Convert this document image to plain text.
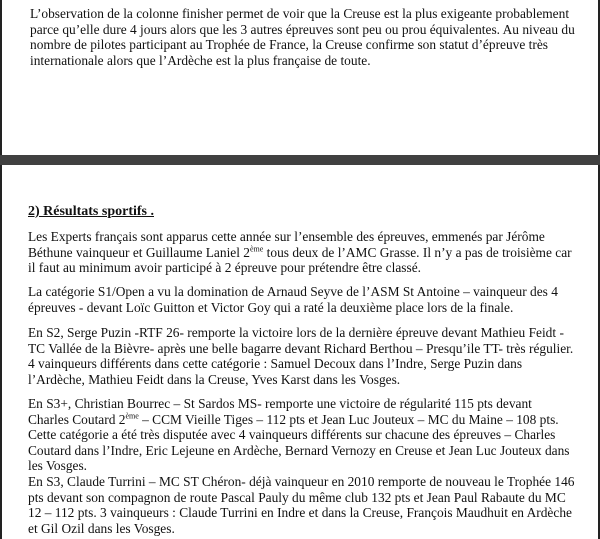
L’observation de la colonne finisher permet de voir que la Creuse est la plus exigeante probablement parce qu’elle dure 4 jours alors que les 3 autres épreuves sont peu ou prou équivalentes. Au niveau du nombre de pilotes participant au Trophée de France, la Creuse confirme son statut d’épreuve très internationale alors que l’Ardèche est la plus française de toute.

2) Résultats sportifs .

Les Experts français sont apparus cette année sur l’ensemble des épreuves, emmenés par Jérôme Béthune vainqueur et Guillaume Laniel 2ème tous deux de l’AMC Grasse. Il n’y a pas de troisième car il faut au minimum avoir participé à 2 épreuve pour prétendre être classé.

La catégorie S1/Open a vu la domination de Arnaud Seyve de l’ASM St Antoine – vainqueur des 4 épreuves - devant Loïc Guitton et Victor Goy qui a raté la deuxième place lors de la finale.

En S2, Serge Puzin -RTF 26- remporte la victoire lors de la dernière épreuve devant Mathieu Feidt -TC Vallée de la Bièvre- après une belle bagarre devant Richard Berthou – Presqu’ile TT- très régulier. 4 vainqueurs différents dans cette catégorie : Samuel Decoux dans l’Indre, Serge Puzin dans l’Ardèche, Mathieu Feidt dans la Creuse, Yves Karst dans les Vosges.

En S3+, Christian Bourrec – St Sardos MS- remporte une victoire de régularité 115 pts devant Charles Coutard 2ème – CCM Vieille Tiges – 112 pts et Jean Luc Jouteux – MC du Maine – 108 pts. Cette catégorie a été très disputée avec 4 vainqueurs différents sur chacune des épreuves – Charles Coutard dans l’Indre, Eric Lejeune en Ardèche, Bernard Vernozy en Creuse et Jean Luc Jouteux dans les Vosges.

En S3, Claude Turrini – MC ST Chéron- déjà vainqueur en 2010 remporte de nouveau le Trophée 146 pts devant son compagnon de route Pascal Pauly du même club 132 pts et Jean Paul Rabaute du MC 12 – 112 pts. 3 vainqueurs : Claude Turrini en Indre et dans la Creuse, François Maudhuit en Ardèche et Gil Ozil dans les Vosges.
